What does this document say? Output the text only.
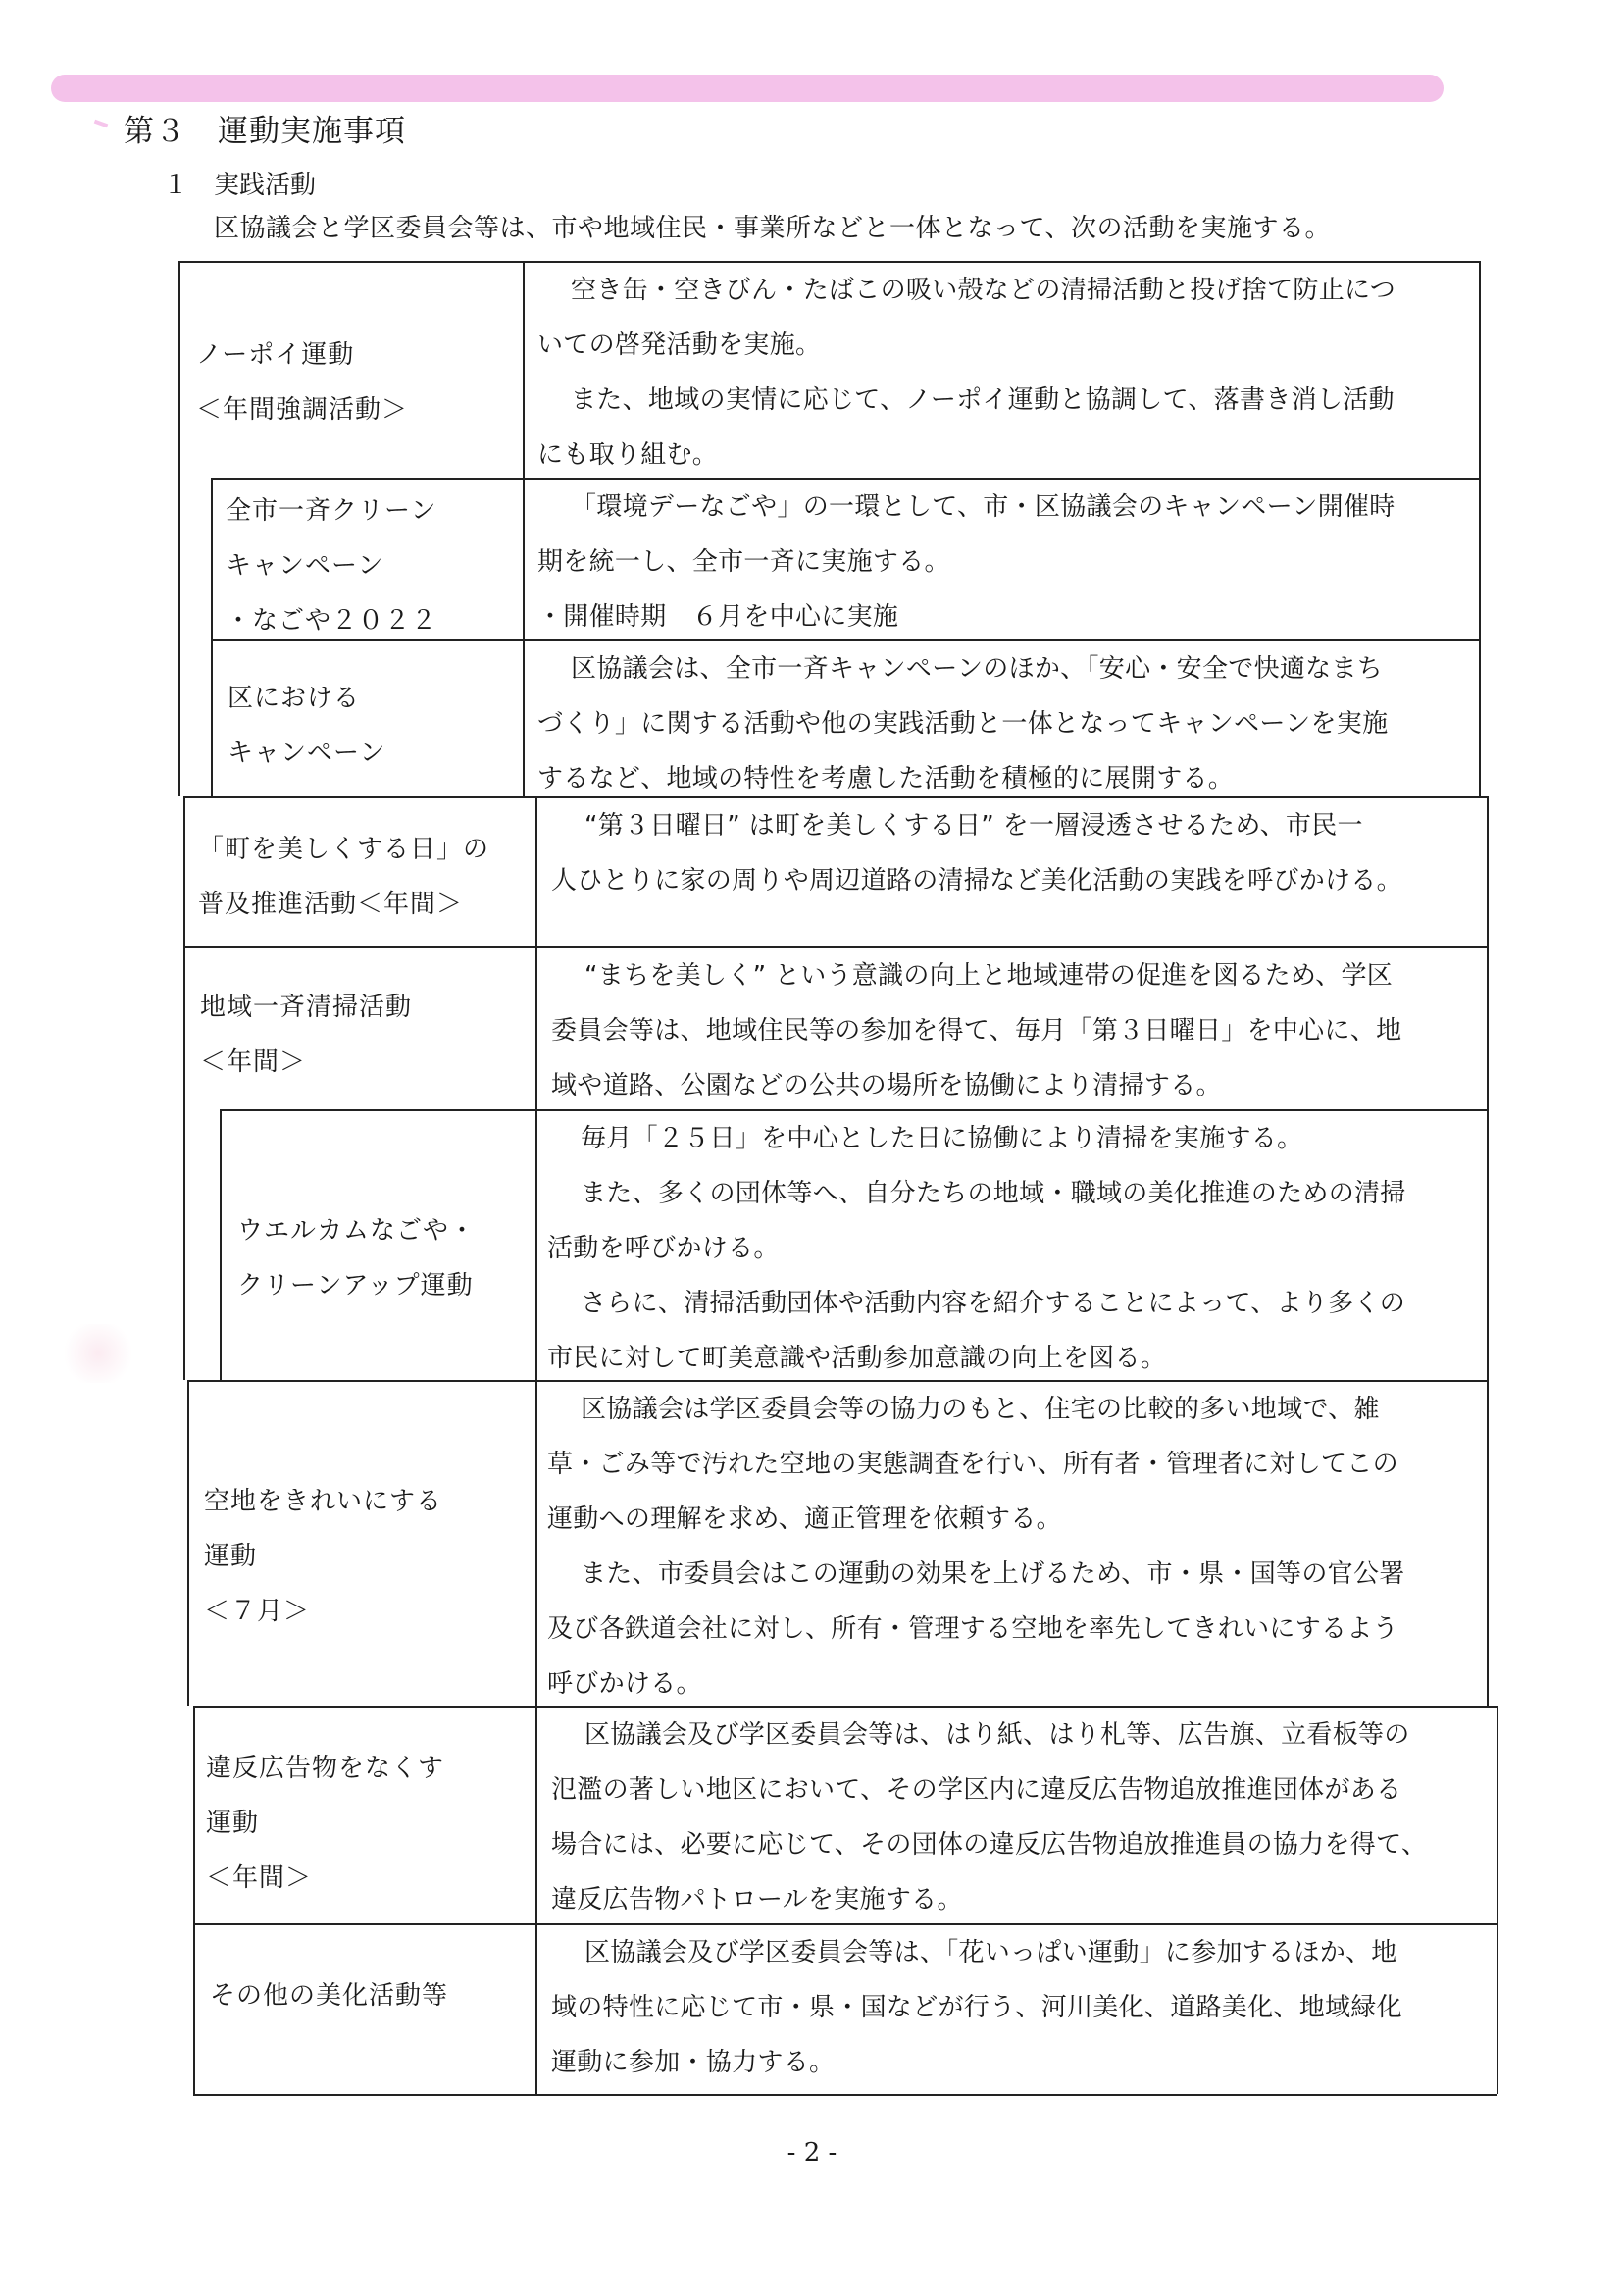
第３　運動実施事項
１　実践活動
区協議会と学区委員会等は、市や地域住民・事業所などと一体となって、次の活動を実施する。
ノーポイ運動
＜年間強調活動＞

空き缶・空きびん・たばこの吸い殻などの清掃活動と投げ捨て防止につ

いての啓発活動を実施。

また、地域の実情に応じて、ノーポイ運動と協調して、落書き消し活動

にも取り組む。

全市一斉クリーン
キャンペーン
・なごや２０２２

「環境デーなごや」の一環として、市・区協議会のキャンペーン開催時

期を統一し、全市一斉に実施する。

・開催時期　６月を中心に実施

区における
キャンペーン

区協議会は、全市一斉キャンペーンのほか、「安心・安全で快適なまち

づくり」に関する活動や他の実践活動と一体となってキャンペーンを実施

するなど、地域の特性を考慮した活動を積極的に展開する。

「町を美しくする日」の
普及推進活動＜年間＞

“第３日曜日” は町を美しくする日” を一層浸透させるため、市民一

人ひとりに家の周りや周辺道路の清掃など美化活動の実践を呼びかける。

地域一斉清掃活動
＜年間＞

“まちを美しく” という意識の向上と地域連帯の促進を図るため、学区

委員会等は、地域住民等の参加を得て、毎月「第３日曜日」を中心に、地

域や道路、公園などの公共の場所を協働により清掃する。

ウエルカムなごや・
クリーンアップ運動

毎月「２５日」を中心とした日に協働により清掃を実施する。

また、多くの団体等へ、自分たちの地域・職域の美化推進のための清掃

活動を呼びかける。

さらに、清掃活動団体や活動内容を紹介することによって、より多くの

市民に対して町美意識や活動参加意識の向上を図る。

空地をきれいにする
運動
＜７月＞

区協議会は学区委員会等の協力のもと、住宅の比較的多い地域で、雑

草・ごみ等で汚れた空地の実態調査を行い、所有者・管理者に対してこの

運動への理解を求め、適正管理を依頼する。

また、市委員会はこの運動の効果を上げるため、市・県・国等の官公署

及び各鉄道会社に対し、所有・管理する空地を率先してきれいにするよう

呼びかける。

違反広告物をなくす
運動
＜年間＞

区協議会及び学区委員会等は、はり紙、はり札等、広告旗、立看板等の

氾濫の著しい地区において、その学区内に違反広告物追放推進団体がある

場合には、必要に応じて、その団体の違反広告物追放推進員の協力を得て、

違反広告物パトロールを実施する。

その他の美化活動等

区協議会及び学区委員会等は、「花いっぱい運動」に参加するほか、地

域の特性に応じて市・県・国などが行う、河川美化、道路美化、地域緑化

運動に参加・協力する。

- 2 -
